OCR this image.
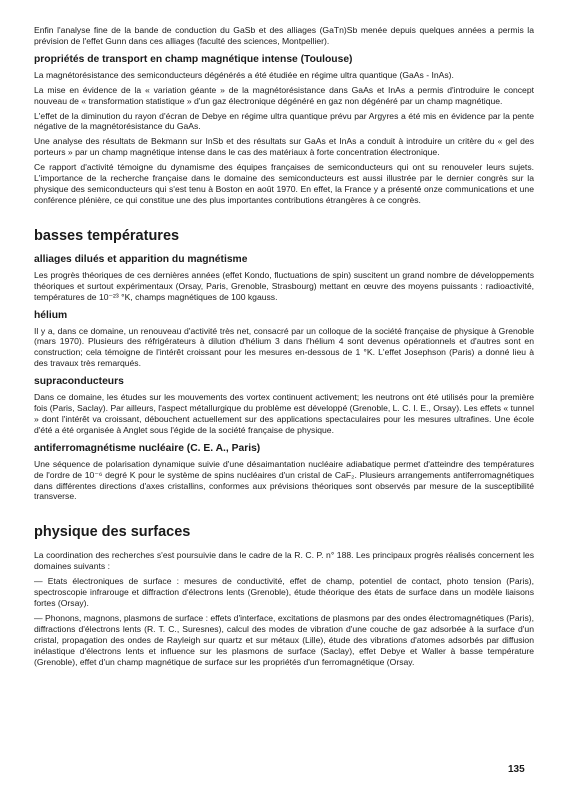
Enfin l'analyse fine de la bande de conduction du GaSb et des alliages (GaTn)Sb menée depuis quelques années a permis la prévision de l'effet Gunn dans ces alliages (faculté des sciences, Montpellier).

propriétés de transport en champ magnétique intense (Toulouse)

La magnétorésistance des semiconducteurs dégénérés a été étudiée en régime ultra quantique (GaAs - InAs).

La mise en évidence de la « variation géante » de la magnétorésistance dans GaAs et InAs a permis d'introduire le concept nouveau de « transformation statistique » d'un gaz électronique dégénéré en gaz non dégénéré par un champ magnétique.

L'effet de la diminution du rayon d'écran de Debye en régime ultra quantique prévu par Argyres a été mis en évidence par la pente négative de la magnétorésistance du GaAs.

Une analyse des résultats de Bekmann sur InSb et des résultats sur GaAs et InAs a conduit à introduire un critère du « gel des porteurs » par un champ magnétique intense dans le cas des matériaux à forte concentration électronique.

Ce rapport d'activité témoigne du dynamisme des équipes françaises de semiconducteurs qui ont su renouveler leurs sujets. L'importance de la recherche française dans le domaine des semiconducteurs est aussi illustrée par le dernier congrès sur la physique des semiconducteurs qui s'est tenu à Boston en août 1970. En effet, la France y a présenté onze communications et une conférence plénière, ce qui constitue une des plus importantes contributions étrangères à ce congrès.

basses températures
alliages dilués et apparition du magnétisme

Les progrès théoriques de ces dernières années (effet Kondo, fluctuations de spin) suscitent un grand nombre de développements théoriques et surtout expérimentaux (Orsay, Paris, Grenoble, Strasbourg) mettant en œuvre des moyens puissants : radioactivité, températures de 10⁻²³ °K, champs magnétiques de 100 kgauss.

hélium

Il y a, dans ce domaine, un renouveau d'activité très net, consacré par un colloque de la société française de physique à Grenoble (mars 1970). Plusieurs des réfrigérateurs à dilution d'hélium 3 dans l'hélium 4 sont devenus opérationnels et d'autres sont en construction; cela témoigne de l'intérêt croissant pour les mesures en-dessous de 1 °K. L'effet Josephson (Paris) a donné lieu à des travaux très remarqués.

supraconducteurs

Dans ce domaine, les études sur les mouvements des vortex continuent activement; les neutrons ont été utilisés pour la première fois (Paris, Saclay). Par ailleurs, l'aspect métallurgique du problème est développé (Grenoble, L. C. I. E., Orsay). Les effets « tunnel » dont l'intérêt va croissant, débouchent actuellement sur des applications spectaculaires pour les mesures ultrafines. Une école d'été a été organisée à Anglet sous l'égide de la société française de physique.

antiferromagnétisme nucléaire (C. E. A., Paris)

Une séquence de polarisation dynamique suivie d'une désaimantation nucléaire adiabatique permet d'atteindre des températures de l'ordre de 10⁻⁶ degré K pour le système de spins nucléaires d'un cristal de CaF₂. Plusieurs arrangements antiferromagnétiques dans différentes directions d'axes cristallins, conformes aux prévisions théoriques sont observés par mesure de la susceptibilité transverse.

physique des surfaces

La coordination des recherches s'est poursuivie dans le cadre de la R. C. P. n° 188. Les principaux progrès réalisés concernent les domaines suivants :

— Etats électroniques de surface : mesures de conductivité, effet de champ, potentiel de contact, photo tension (Paris), spectroscopie infrarouge et diffraction d'électrons lents (Grenoble), étude théorique des états de surface dans un modèle liaisons fortes (Orsay).

— Phonons, magnons, plasmons de surface : effets d'interface, excitations de plasmons par des ondes électromagnétiques (Paris), diffractions d'électrons lents (R. T. C., Suresnes), calcul des modes de vibration d'une couche de gaz adsorbée à la surface d'un cristal, propagation des ondes de Rayleigh sur quartz et sur métaux (Lille), étude des vibrations d'atomes adsorbés par diffusion inélastique d'électrons lents et influence sur les plasmons de surface (Saclay), effet Debye et Waller à basse température (Grenoble), effet d'un champ magnétique de surface sur les propriétés d'un ferromagnétique (Orsay.

135
